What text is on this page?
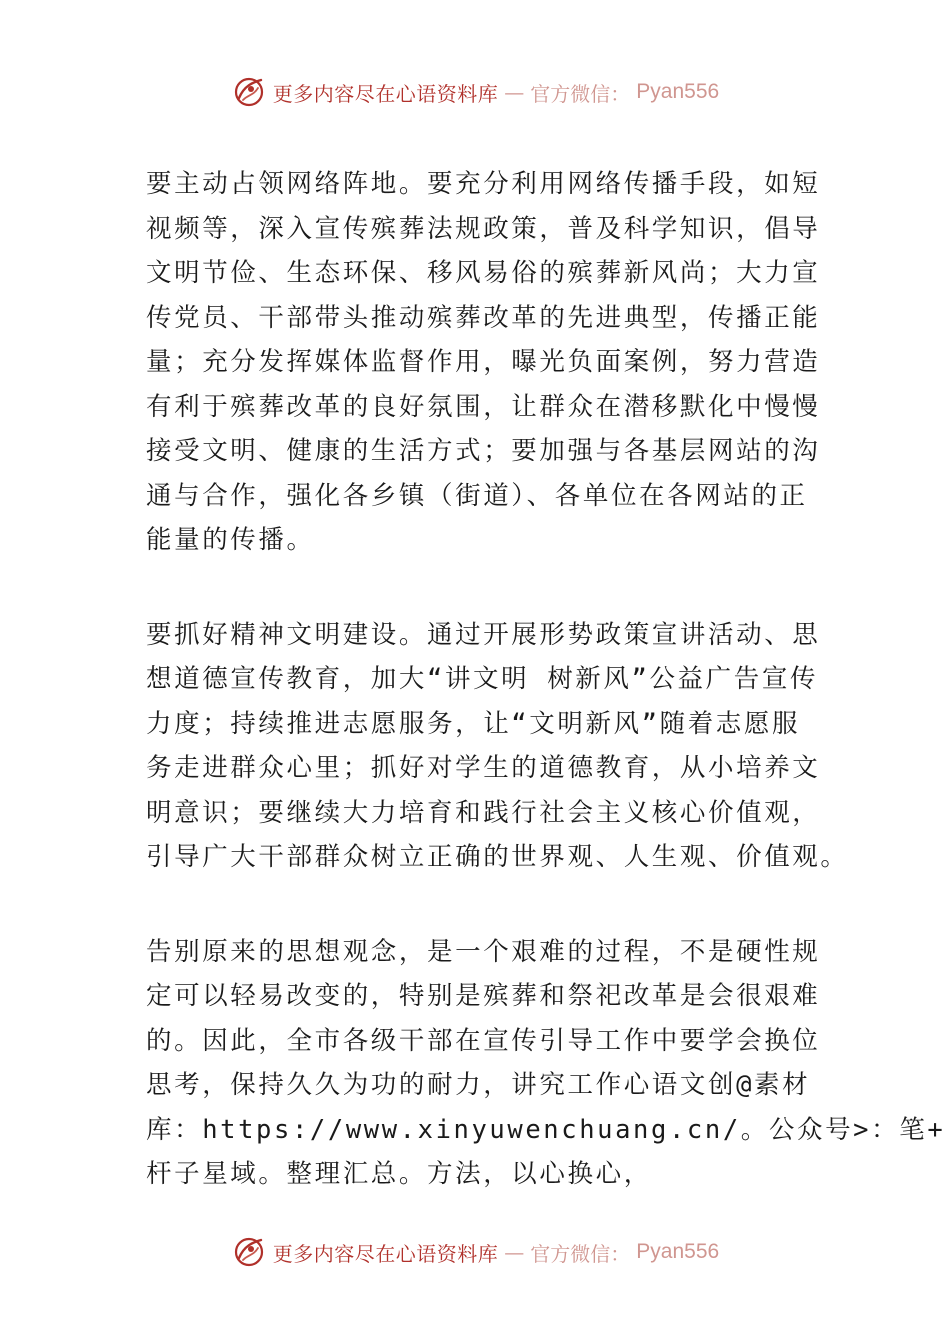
更多内容尽在心语资料库 — 官方微信： Pyan556

要主动占领网络阵地。要充分利用网络传播手段，如短
视频等，深入宣传殡葬法规政策，普及科学知识，倡导
文明节俭、生态环保、移风易俗的殡葬新风尚；大力宣
传党员、干部带头推动殡葬改革的先进典型，传播正能
量；充分发挥媒体监督作用，曝光负面案例，努力营造
有利于殡葬改革的良好氛围，让群众在潜移默化中慢慢
接受文明、健康的生活方式；要加强与各基层网站的沟
通与合作，强化各乡镇（街道）、各单位在各网站的正
能量的传播。

要抓好精神文明建设。通过开展形势政策宣讲活动、思
想道德宣传教育，加大“讲文明 树新风”公益广告宣传
力度；持续推进志愿服务，让“文明新风”随着志愿服
务走进群众心里；抓好对学生的道德教育，从小培养文
明意识；要继续大力培育和践行社会主义核心价值观，
引导广大干部群众树立正确的世界观、人生观、价值观。

告别原来的思想观念，是一个艰难的过程，不是硬性规
定可以轻易改变的，特别是殡葬和祭祀改革是会很艰难
的。因此，全市各级干部在宣传引导工作中要学会换位
思考，保持久久为功的耐力，讲究工作心语文创@素材
库：https://www.xinyuwenchuang.cn/。公众号>：笔+
杆子星域。整理汇总。方法，以心换心，

更多内容尽在心语资料库 — 官方微信： Pyan556
